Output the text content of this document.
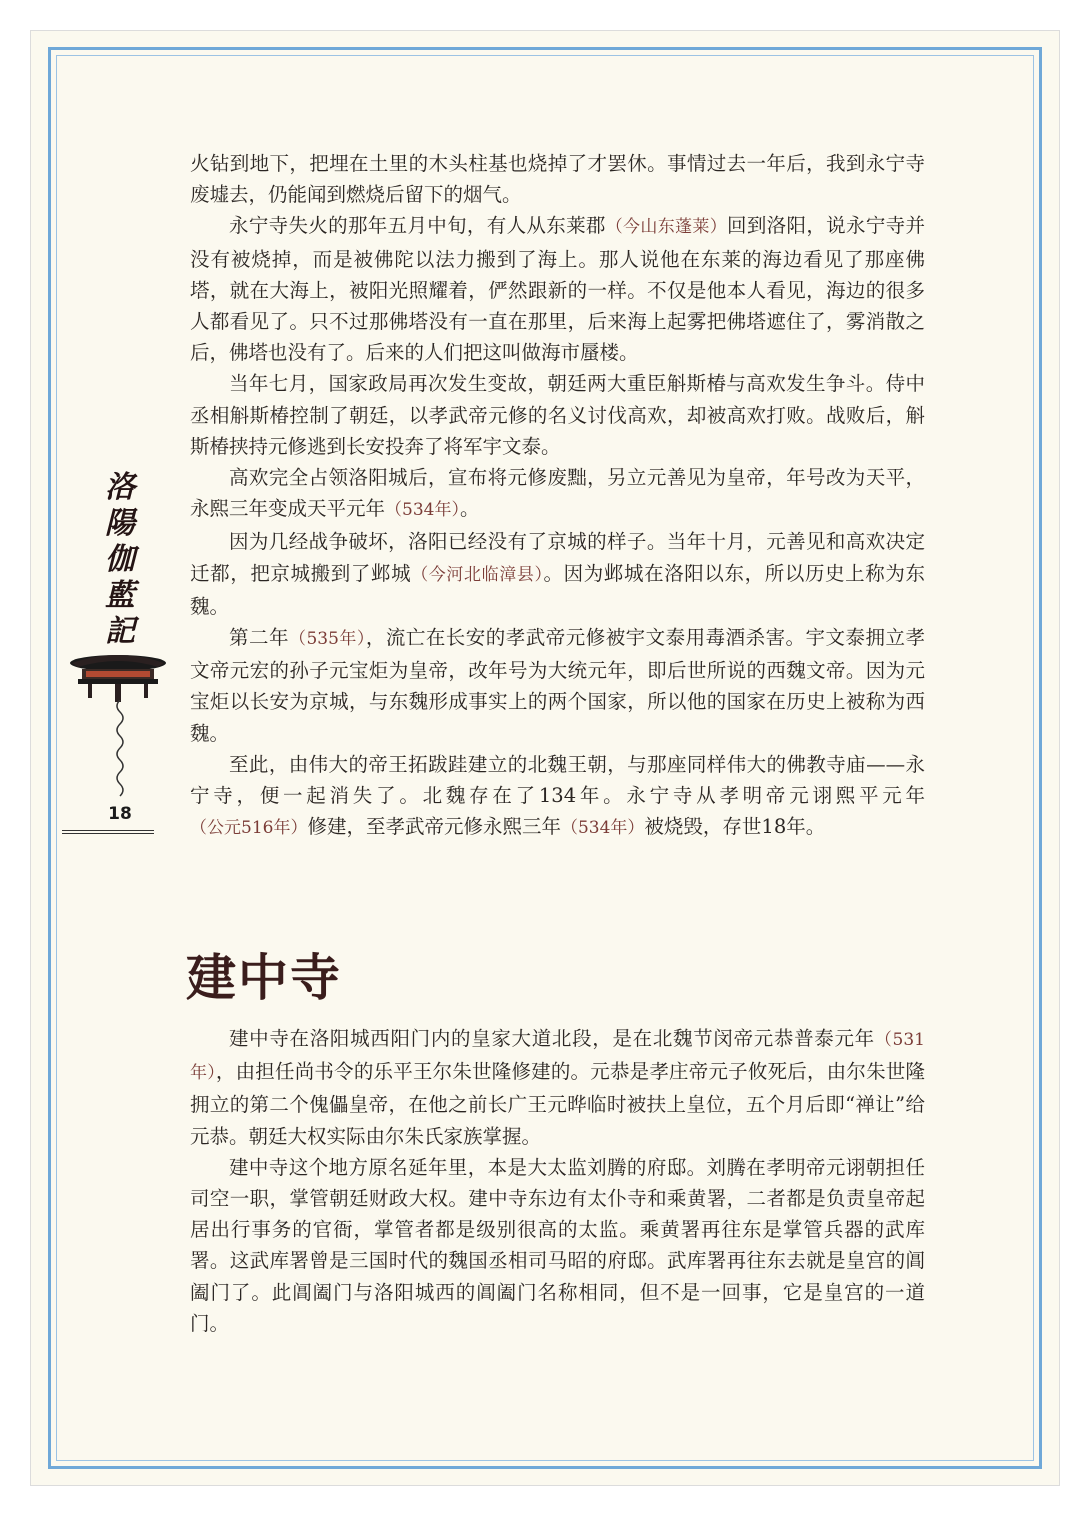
洛陽伽藍記
18

火钻到地下，把埋在土里的木头柱基也烧掉了才罢休。事情过去一年后，我到永宁寺废墟去，仍能闻到燃烧后留下的烟气。

永宁寺失火的那年五月中旬，有人从东莱郡（今山东蓬莱）回到洛阳，说永宁寺并没有被烧掉，而是被佛陀以法力搬到了海上。那人说他在东莱的海边看见了那座佛塔，就在大海上，被阳光照耀着，俨然跟新的一样。不仅是他本人看见，海边的很多人都看见了。只不过那佛塔没有一直在那里，后来海上起雾把佛塔遮住了，雾消散之后，佛塔也没有了。后来的人们把这叫做海市蜃楼。

当年七月，国家政局再次发生变故，朝廷两大重臣斛斯椿与高欢发生争斗。侍中丞相斛斯椿控制了朝廷，以孝武帝元修的名义讨伐高欢，却被高欢打败。战败后，斛斯椿挟持元修逃到长安投奔了将军宇文泰。

高欢完全占领洛阳城后，宣布将元修废黜，另立元善见为皇帝，年号改为天平，永熙三年变成天平元年（534年）。

因为几经战争破坏，洛阳已经没有了京城的样子。当年十月，元善见和高欢决定迁都，把京城搬到了邺城（今河北临漳县）。因为邺城在洛阳以东，所以历史上称为东魏。

第二年（535年），流亡在长安的孝武帝元修被宇文泰用毒酒杀害。宇文泰拥立孝文帝元宏的孙子元宝炬为皇帝，改年号为大统元年，即后世所说的西魏文帝。因为元宝炬以长安为京城，与东魏形成事实上的两个国家，所以他的国家在历史上被称为西魏。

至此，由伟大的帝王拓跋跬建立的北魏王朝，与那座同样伟大的佛教寺庙——永宁寺，便一起消失了。北魏存在了134年。永宁寺从孝明帝元诩熙平元年（公元516年）修建，至孝武帝元修永熙三年（534年）被烧毁，存世18年。

建中寺

建中寺在洛阳城西阳门内的皇家大道北段，是在北魏节闵帝元恭普泰元年（531年），由担任尚书令的乐平王尔朱世隆修建的。元恭是孝庄帝元子攸死后，由尔朱世隆拥立的第二个傀儡皇帝，在他之前长广王元晔临时被扶上皇位，五个月后即“禅让”给元恭。朝廷大权实际由尔朱氏家族掌握。

建中寺这个地方原名延年里，本是大太监刘腾的府邸。刘腾在孝明帝元诩朝担任司空一职，掌管朝廷财政大权。建中寺东边有太仆寺和乘黄署，二者都是负责皇帝起居出行事务的官衙，掌管者都是级别很高的太监。乘黄署再往东是掌管兵器的武库署。这武库署曾是三国时代的魏国丞相司马昭的府邸。武库署再往东去就是皇宫的阊阖门了。此阊阖门与洛阳城西的阊阖门名称相同，但不是一回事，它是皇宫的一道门。
